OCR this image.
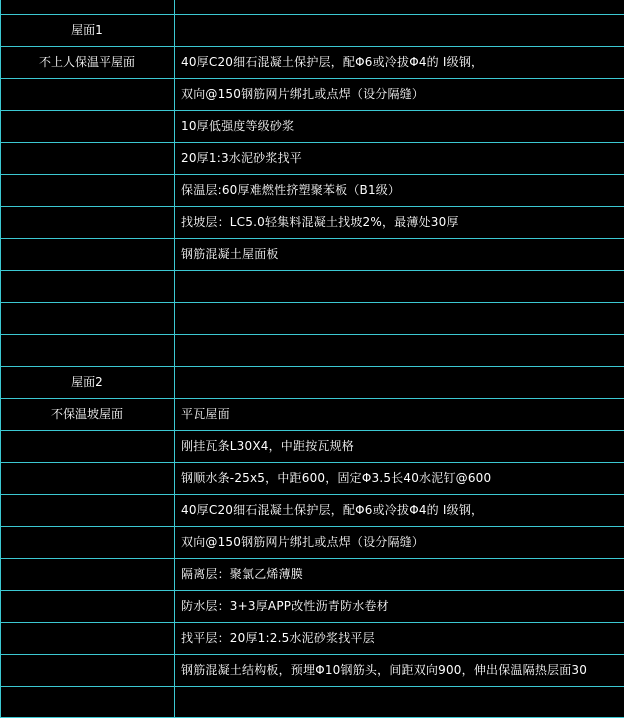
屋面1
不上人保温平屋面
屋面2
不保温坡屋面
40厚C20细石混凝土保护层，配Φ6或冷拔Φ4的 Ⅰ级钢，
双向@150钢筋网片绑扎或点焊（设分隔缝）
10厚低强度等级砂浆
20厚1:3水泥砂浆找平
保温层:60厚难燃性挤塑聚苯板（B1级）
找坡层：LC5.0轻集料混凝土找坡2%，最薄处30厚
钢筋混凝土屋面板
平瓦屋面
刚挂瓦条L30X4，中距按瓦规格
钢顺水条-25x5，中距600，固定Φ3.5长40水泥钉@600
40厚C20细石混凝土保护层，配Φ6或冷拔Φ4的 Ⅰ级钢，
双向@150钢筋网片绑扎或点焊（设分隔缝）
隔离层：聚氯乙烯薄膜
防水层：3+3厚APP改性沥青防水卷材
找平层：20厚1:2.5水泥砂浆找平层
钢筋混凝土结构板，预埋Φ10钢筋头，间距双向900，伸出保温隔热层面30
